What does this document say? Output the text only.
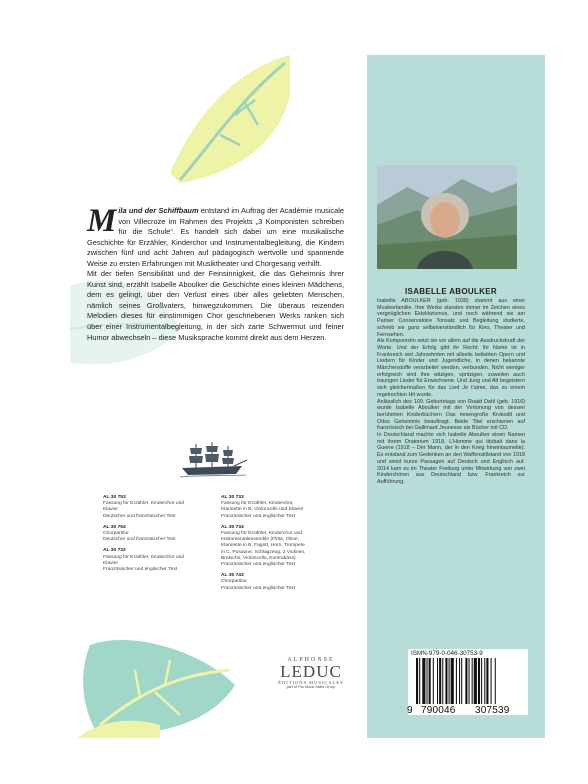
Mila und der Schiffbaum entstand im Auftrag der Académie musicale von Villecroze im Rahmen des Projekts „3 Komponisten schreiben für die Schule“. Es handelt sich dabei um eine musikalische Geschichte für Erzähler, Kinderchor und Instrumentalbegleitung, die Kindern zwischen fünf und acht Jahren auf pädagogisch wertvolle und spannende Weise zu ersten Erfahrungen mit Musiktheater und Chorgesang verhilft.

Mit der tiefen Sensibilität und der Feinsinnigkeit, die das Geheimnis ihrer Kunst sind, erzählt Isabelle Aboulker die Geschichte eines kleinen Mädchens, dem es gelingt, über den Verlust eines über alles geliebten Menschen, nämlich seines Großvaters, hinwegzukommen. Die überaus reizenden Melodien dieses für einstimmigen Chor geschriebenen Werks ranken sich über einer Instrumentalbegleitung, in der sich zarte Schwermut und feiner Humor abwechseln – diese Musiksprache kommt direkt aus dem Herzen.

AL 30 753
Fassung für Erzähler, Kinderchor und
Klavier
Deutscher und französischer Text
AL 30 754
Chorpartitur
Deutscher und französischer Text
AL 30 732
Fassung für Erzähler, Kinderchor und
Klavier
Französischer und englischer Text
AL 30 733
Fassung für Erzähler, Kinderchor,
Klarinette in B, Violoncello und Klavier
Französischer und englischer Text
AL 30 734
Fassung für Erzähler, Kinderchor und
Instrumentalensemble (Flöte, Oboe,
Klarinette in B, Fagott, Horn, Trompete
in C, Posaune, Schlagzeug, 2 Violinen,
Bratsche, Violoncello, Kontrabass)
Französischer und englischer Text
AL 30 743
Chorpartitur
Französischer und englischer Text
ALPHONSE
LEDUC
ÉDITIONS MUSICALES
part of The Music Sales Group
ISABELLE ABOULKER

Isabelle ABOULKER (geb. 1938) stammt aus einer Musikerfamilie. Ihre Werke standen immer im Zeichen eines vergnüglichen Eklektizismus, und noch während sie am Pariser Conservatoire Tonsatz und Begleitung studierte, schrieb sie ganz selbstverständlich für Kino, Theater und Fernsehen.

Als Komponistin setzt sie vor allem auf die Ausdruckskraft der Worte. Und der Erfolg gibt ihr Recht. Ihr Name ist in Frankreich seit Jahrzehnten mit allseits beliebten Opern und Liedern für Kinder und Jugendliche, in denen bekannte Märchenstoffe verarbeitet werden, verbunden. Nicht weniger erfolgreich sind ihre witzigen, spritzigen, zuweilen auch traurigen Lieder für Erwachsene. Und Jung und Alt begeistern sich gleichermaßen für das Lied Je t’aime, das zu einem regelrechten Hit wurde.

Anlässlich des 100. Geburtstags von Roald Dahl (geb. 1916) wurde Isabelle Aboulker mit der Vertonung von dessen berühmten Kinderbüchern Das riesengroße Krokodil und Ottos Geheimnis beauftragt. Beide Titel erschienen auf französisch bei Gallimard Jeunesse als Bücher mit CD.

In Deutschland machte sich Isabelle Aboulker einen Namen mit ihrem Oratorium 1918, L’Homme qui titubait dans la Guerre (1918 – Der Mann, der in den Krieg hineintaumelte). Es entstand zum Gedenken an den Waffenstillstand von 1918 und weist kurze Passagen auf Deutsch und Englisch auf. 2014 kam es im Theater Freiburg unter Mitwirkung von zwei Kinderchören aus Deutschland bzw. Frankreich zur Aufführung.

ISMN-979-0-046-30753-9
9 790046 307539
